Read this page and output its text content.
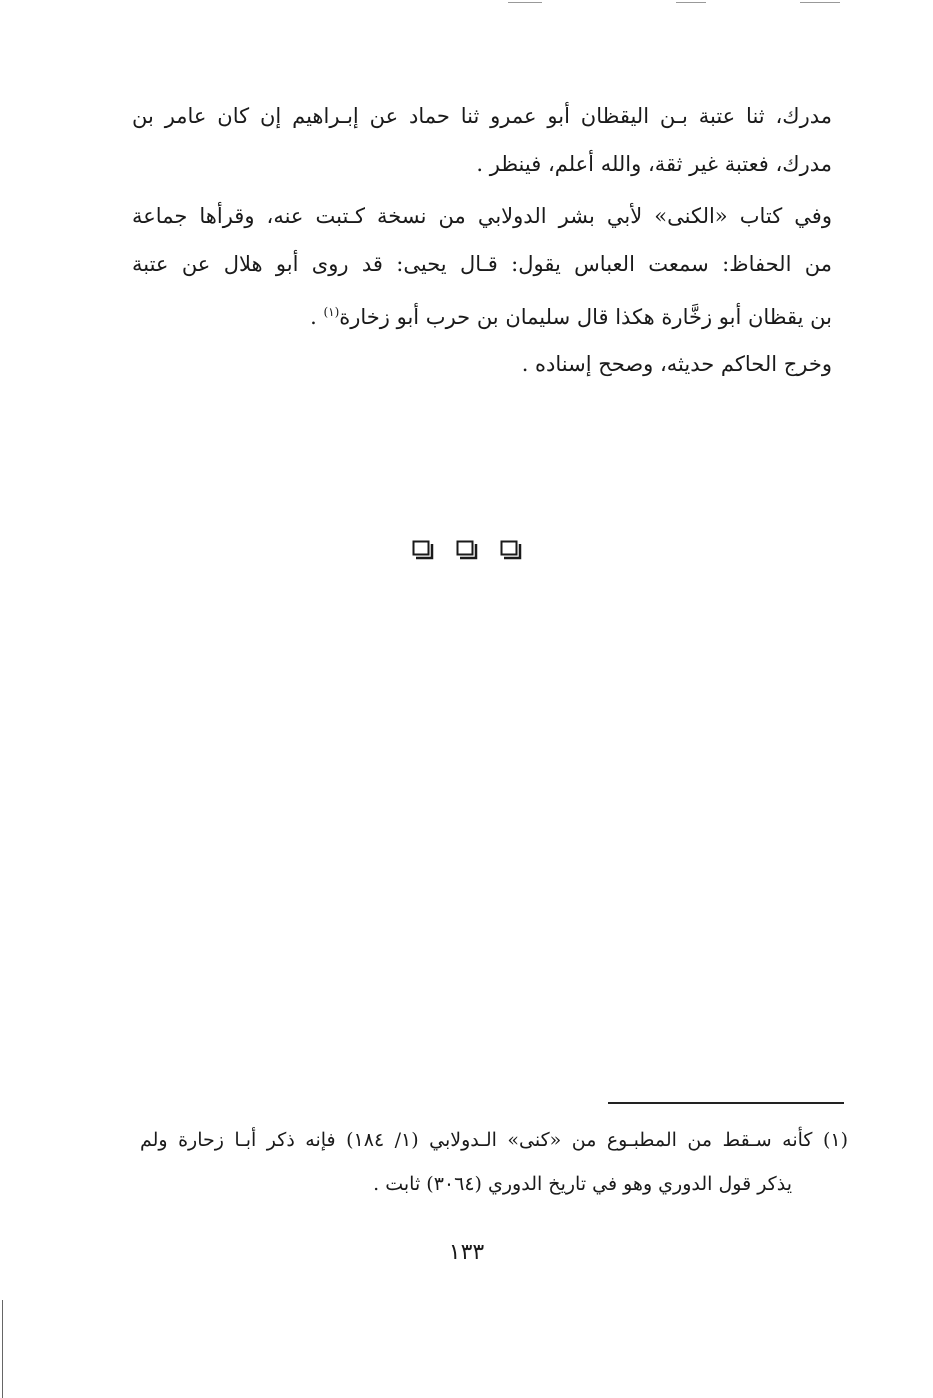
مدرك، ثنا عتبة بـن اليقظان أبو عمرو ثنا حماد عن إبـراهيم إن كان عامر بن

مدرك، فعتبة غير ثقة، والله أعلم، فينظر .

وفي كتاب «الكنى» لأبي بشر الدولابي من نسخة كـتبت عنه، وقرأها جماعة

من الحفاظ: سمعت العباس يقول: قـال يحيى: قد روى أبو هلال عن عتبة

بن يقظان أبو زخَّارة هكذا قال سليمان بن حرب أبو زخارة$^{(١)}$ .

وخرج الحاكم حديثه، وصحح إسناده .

(١) كأنه سـقط من المطبـوع من «كنى» الـدولابي (١/ ١٨٤) فإنه ذكر أبـا زحارة ولم

يذكر قول الدوري وهو في تاريخ الدوري (٣٠٦٤) ثابت .

١٣٣
